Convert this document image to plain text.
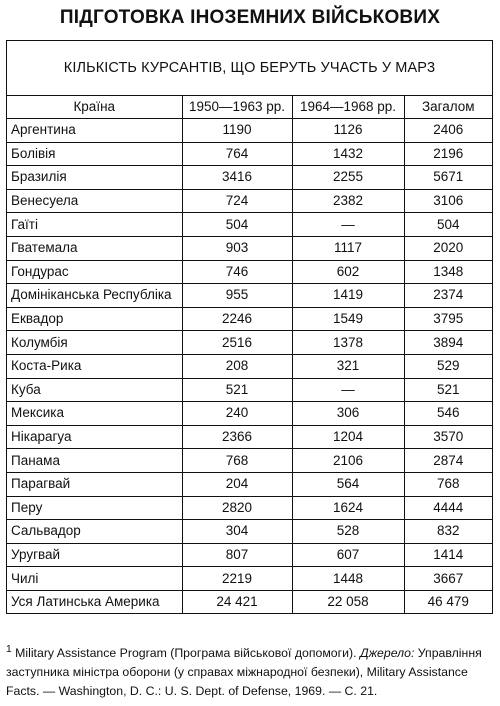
ПІДГОТОВКА ІНОЗЕМНИХ ВІЙСЬКОВИХ
КІЛЬКІСТЬ КУРСАНТІВ, ЩО БЕРУТЬ УЧАСТЬ У МАР3
Країна	1950—1963 рр.	1964—1968 рр.	Загалом
Аргентина	1190	1126	2406
Болівія	764	1432	2196
Бразилія	3416	2255	5671
Венесуела	724	2382	3106
Гаїті	504	—	504
Гватемала	903	1117	2020
Гондурас	746	602	1348
Домініканська Республіка	955	1419	2374
Еквадор	2246	1549	3795
Колумбія	2516	1378	3894
Коста-Рика	208	321	529
Куба	521	—	521
Мексика	240	306	546
Нікарагуа	2366	1204	3570
Панама	768	2106	2874
Парагвай	204	564	768
Перу	2820	1624	4444
Сальвадор	304	528	832
Уругвай	807	607	1414
Чилі	2219	1448	3667
Уся Латинська Америка	24 421	22 058	46 479
$^1$ Military Assistance Program (Програма військової допомоги). Джерело: Управління заступника міністра оборони (у справах міжнародної безпеки), Military Assistance Facts. — Washington, D. C.: U. S. Dept. of Defense, 1969. — С. 21.
